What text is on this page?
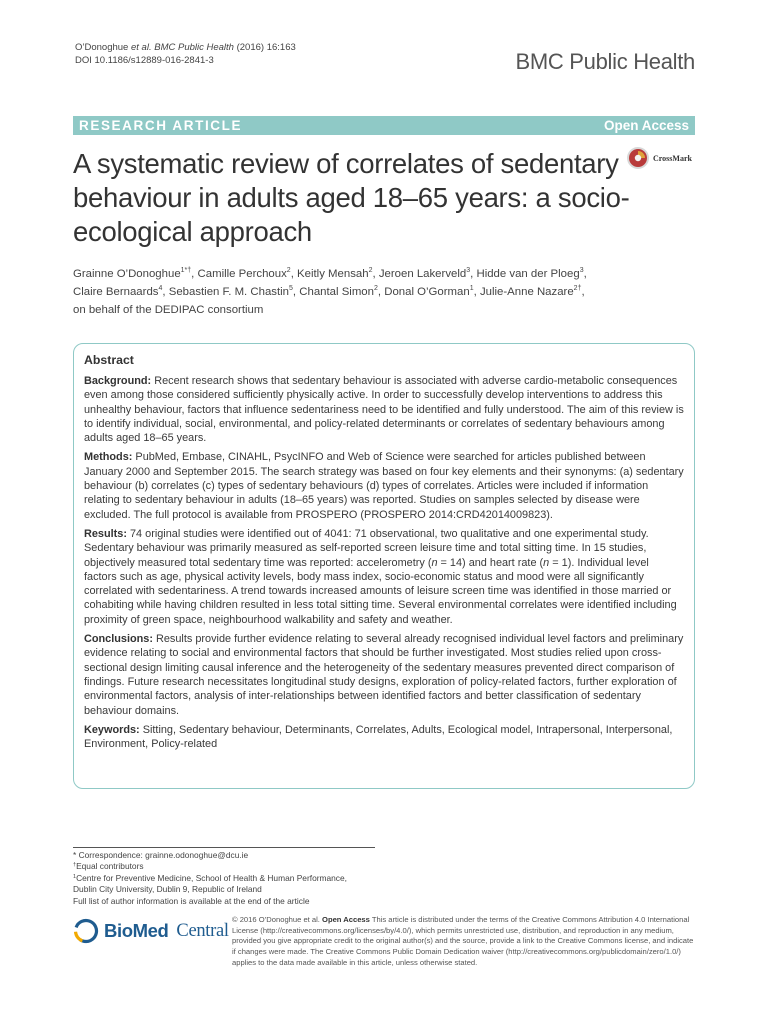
O’Donoghue et al. BMC Public Health (2016) 16:163
DOI 10.1186/s12889-016-2841-3	BMC Public Health
RESEARCH ARTICLE	Open Access
A systematic review of correlates of sedentary behaviour in adults aged 18–65 years: a socio-ecological approach
CrossMark
Grainne O’Donoghue$^{1*\dagger}$, Camille Perchoux$^2$, Keitly Mensah$^2$, Jeroen Lakerveld$^3$, Hidde van der Ploeg$^3$,
Claire Bernaards$^4$, Sebastien F. M. Chastin$^5$, Chantal Simon$^2$, Donal O’Gorman$^1$, Julie-Anne Nazare$^{2\dagger}$,
on behalf of the DEDIPAC consortium
Abstract

Background: Recent research shows that sedentary behaviour is associated with adverse cardio-metabolic consequences even among those considered sufficiently physically active. In order to successfully develop interventions to address this unhealthy behaviour, factors that influence sedentariness need to be identified and fully understood. The aim of this review is to identify individual, social, environmental, and policy-related determinants or correlates of sedentary behaviours among adults aged 18–65 years.

Methods: PubMed, Embase, CINAHL, PsycINFO and Web of Science were searched for articles published between January 2000 and September 2015. The search strategy was based on four key elements and their synonyms: (a) sedentary behaviour (b) correlates (c) types of sedentary behaviours (d) types of correlates. Articles were included if information relating to sedentary behaviour in adults (18–65 years) was reported. Studies on samples selected by disease were excluded. The full protocol is available from PROSPERO (PROSPERO 2014:CRD42014009823).

Results: 74 original studies were identified out of 4041: 71 observational, two qualitative and one experimental study. Sedentary behaviour was primarily measured as self-reported screen leisure time and total sitting time. In 15 studies, objectively measured total sedentary time was reported: accelerometry (n = 14) and heart rate (n = 1). Individual level factors such as age, physical activity levels, body mass index, socio-economic status and mood were all significantly correlated with sedentariness. A trend towards increased amounts of leisure screen time was identified in those married or cohabiting while having children resulted in less total sitting time. Several environmental correlates were identified including proximity of green space, neighbourhood walkability and safety and weather.

Conclusions: Results provide further evidence relating to several already recognised individual level factors and preliminary evidence relating to social and environmental factors that should be further investigated. Most studies relied upon cross-sectional design limiting causal inference and the heterogeneity of the sedentary measures prevented direct comparison of findings. Future research necessitates longitudinal study designs, exploration of policy-related factors, further exploration of environmental factors, analysis of inter-relationships between identified factors and better classification of sedentary behaviour domains.

Keywords: Sitting, Sedentary behaviour, Determinants, Correlates, Adults, Ecological model, Intrapersonal, Interpersonal, Environment, Policy-related

* Correspondence: grainne.odonoghue@dcu.ie
†Equal contributors
$^1$Centre for Preventive Medicine, School of Health & Human Performance,
Dublin City University, Dublin 9, Republic of Ireland
Full list of author information is available at the end of the article
BioMed Central
© 2016 O’Donoghue et al. Open Access This article is distributed under the terms of the Creative Commons Attribution 4.0 International License (http://creativecommons.org/licenses/by/4.0/), which permits unrestricted use, distribution, and reproduction in any medium, provided you give appropriate credit to the original author(s) and the source, provide a link to the Creative Commons license, and indicate if changes were made. The Creative Commons Public Domain Dedication waiver (http://creativecommons.org/publicdomain/zero/1.0/) applies to the data made available in this article, unless otherwise stated.
